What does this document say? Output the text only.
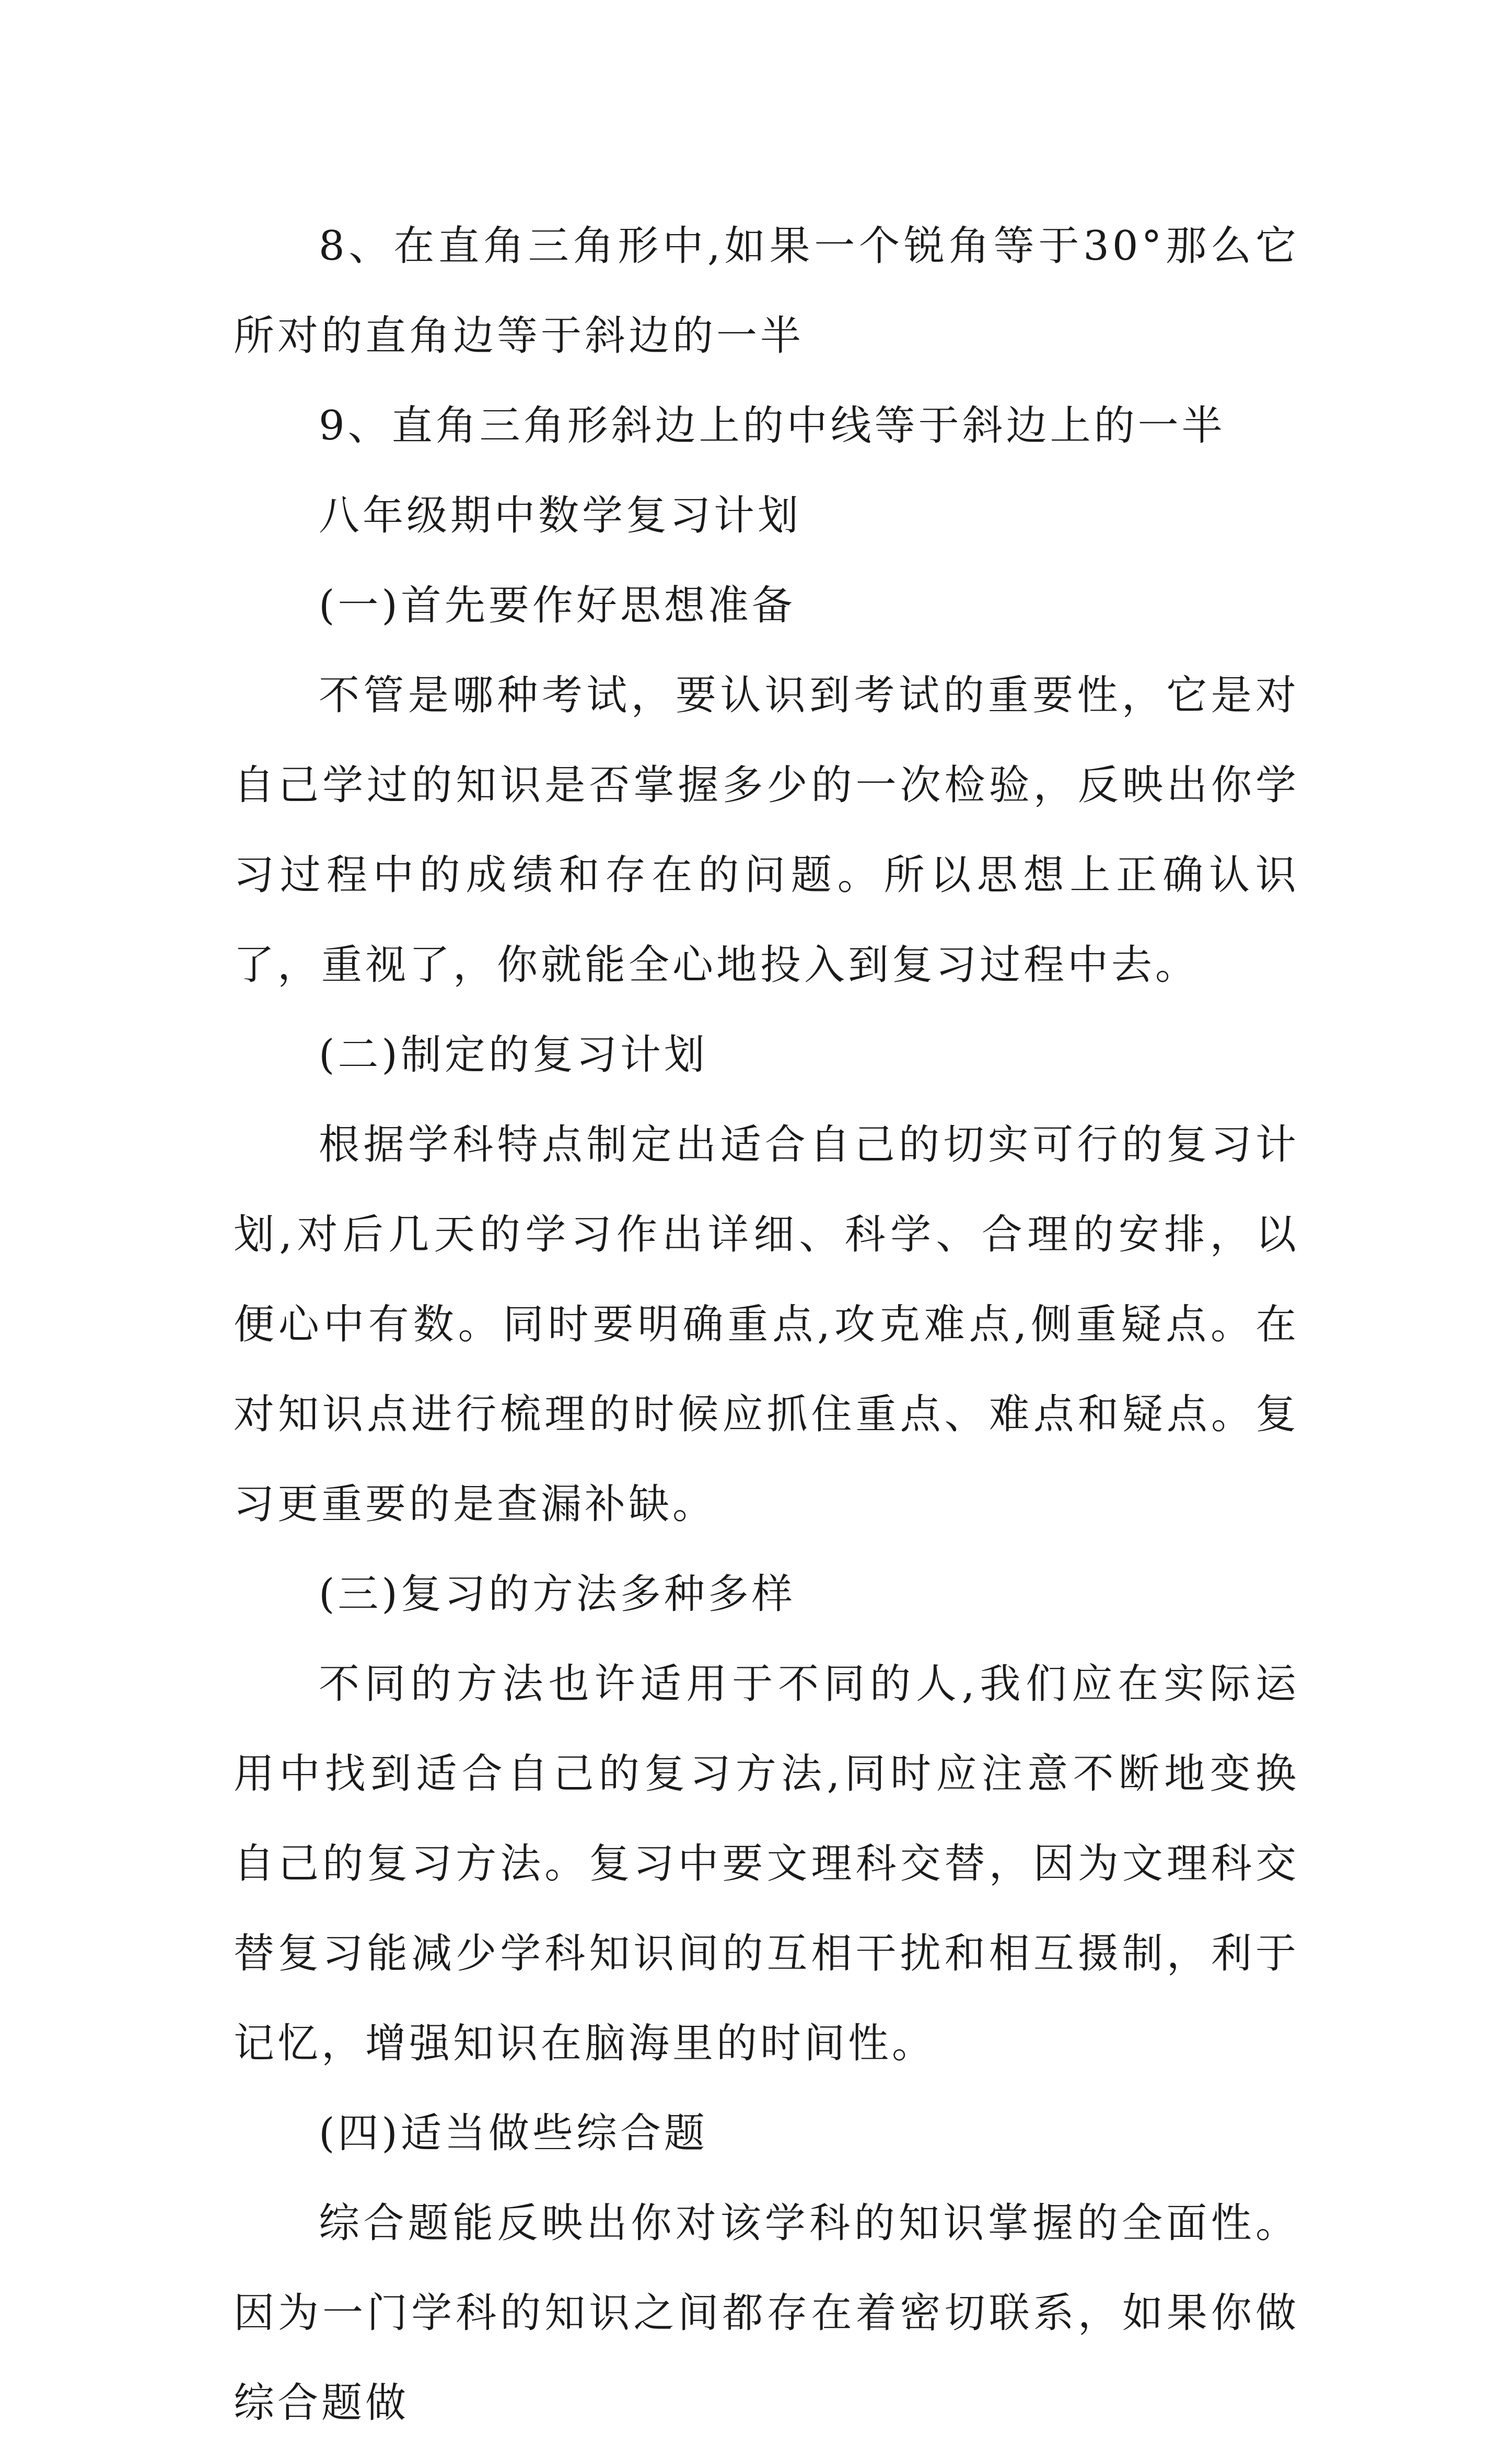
8、在直角三角形中,如果一个锐角等于30°那么它所对的直角边等于斜边的一半

9、直角三角形斜边上的中线等于斜边上的一半

八年级期中数学复习计划

(一)首先要作好思想准备

不管是哪种考试，要认识到考试的重要性，它是对自己学过的知识是否掌握多少的一次检验，反映出你学习过程中的成绩和存在的问题。所以思想上正确认识了，重视了，你就能全心地投入到复习过程中去。

(二)制定的复习计划

根据学科特点制定出适合自己的切实可行的复习计划,对后几天的学习作出详细、科学、合理的安排，以便心中有数。同时要明确重点,攻克难点,侧重疑点。在对知识点进行梳理的时候应抓住重点、难点和疑点。复习更重要的是查漏补缺。

(三)复习的方法多种多样

不同的方法也许适用于不同的人,我们应在实际运用中找到适合自己的复习方法,同时应注意不断地变换自己的复习方法。复习中要文理科交替，因为文理科交替复习能减少学科知识间的互相干扰和相互摄制，利于记忆，增强知识在脑海里的时间性。

(四)适当做些综合题

综合题能反映出你对该学科的知识掌握的全面性。因为一门学科的知识之间都存在着密切联系，如果你做综合题做
